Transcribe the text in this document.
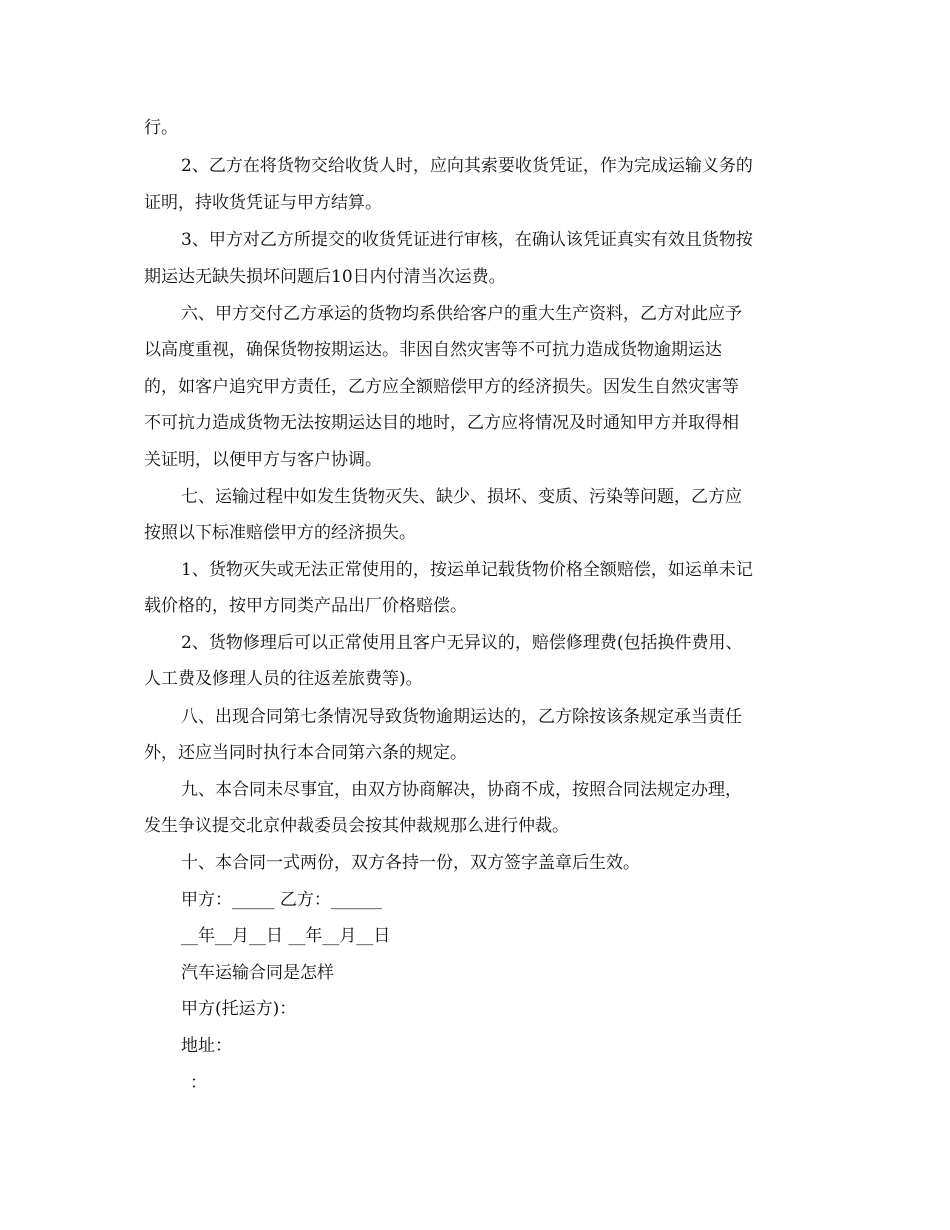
行。
2、乙方在将货物交给收货人时，应向其索要收货凭证，作为完成运输义务的
证明，持收货凭证与甲方结算。
3、甲方对乙方所提交的收货凭证进行审核，在确认该凭证真实有效且货物按
期运达无缺失损坏问题后10日内付清当次运费。
六、甲方交付乙方承运的货物均系供给客户的重大生产资料，乙方对此应予
以高度重视，确保货物按期运达。非因自然灾害等不可抗力造成货物逾期运达
的，如客户追究甲方责任，乙方应全额赔偿甲方的经济损失。因发生自然灾害等
不可抗力造成货物无法按期运达目的地时，乙方应将情况及时通知甲方并取得相
关证明，以便甲方与客户协调。
七、运输过程中如发生货物灭失、缺少、损坏、变质、污染等问题，乙方应
按照以下标准赔偿甲方的经济损失。
1、货物灭失或无法正常使用的，按运单记载货物价格全额赔偿，如运单未记
载价格的，按甲方同类产品出厂价格赔偿。
2、货物修理后可以正常使用且客户无异议的，赔偿修理费(包括换件费用、
人工费及修理人员的往返差旅费等)。
八、出现合同第七条情况导致货物逾期运达的，乙方除按该条规定承当责任
外，还应当同时执行本合同第六条的规定。
九、本合同未尽事宜，由双方协商解决，协商不成，按照合同法规定办理，
发生争议提交北京仲裁委员会按其仲裁规那么进行仲裁。
十、本合同一式两份，双方各持一份，双方签字盖章后生效。
甲方：_____ 乙方：______
__年__月__日 __年__月__日
汽车运输合同是怎样
甲方(托运方)：
地址：
：
